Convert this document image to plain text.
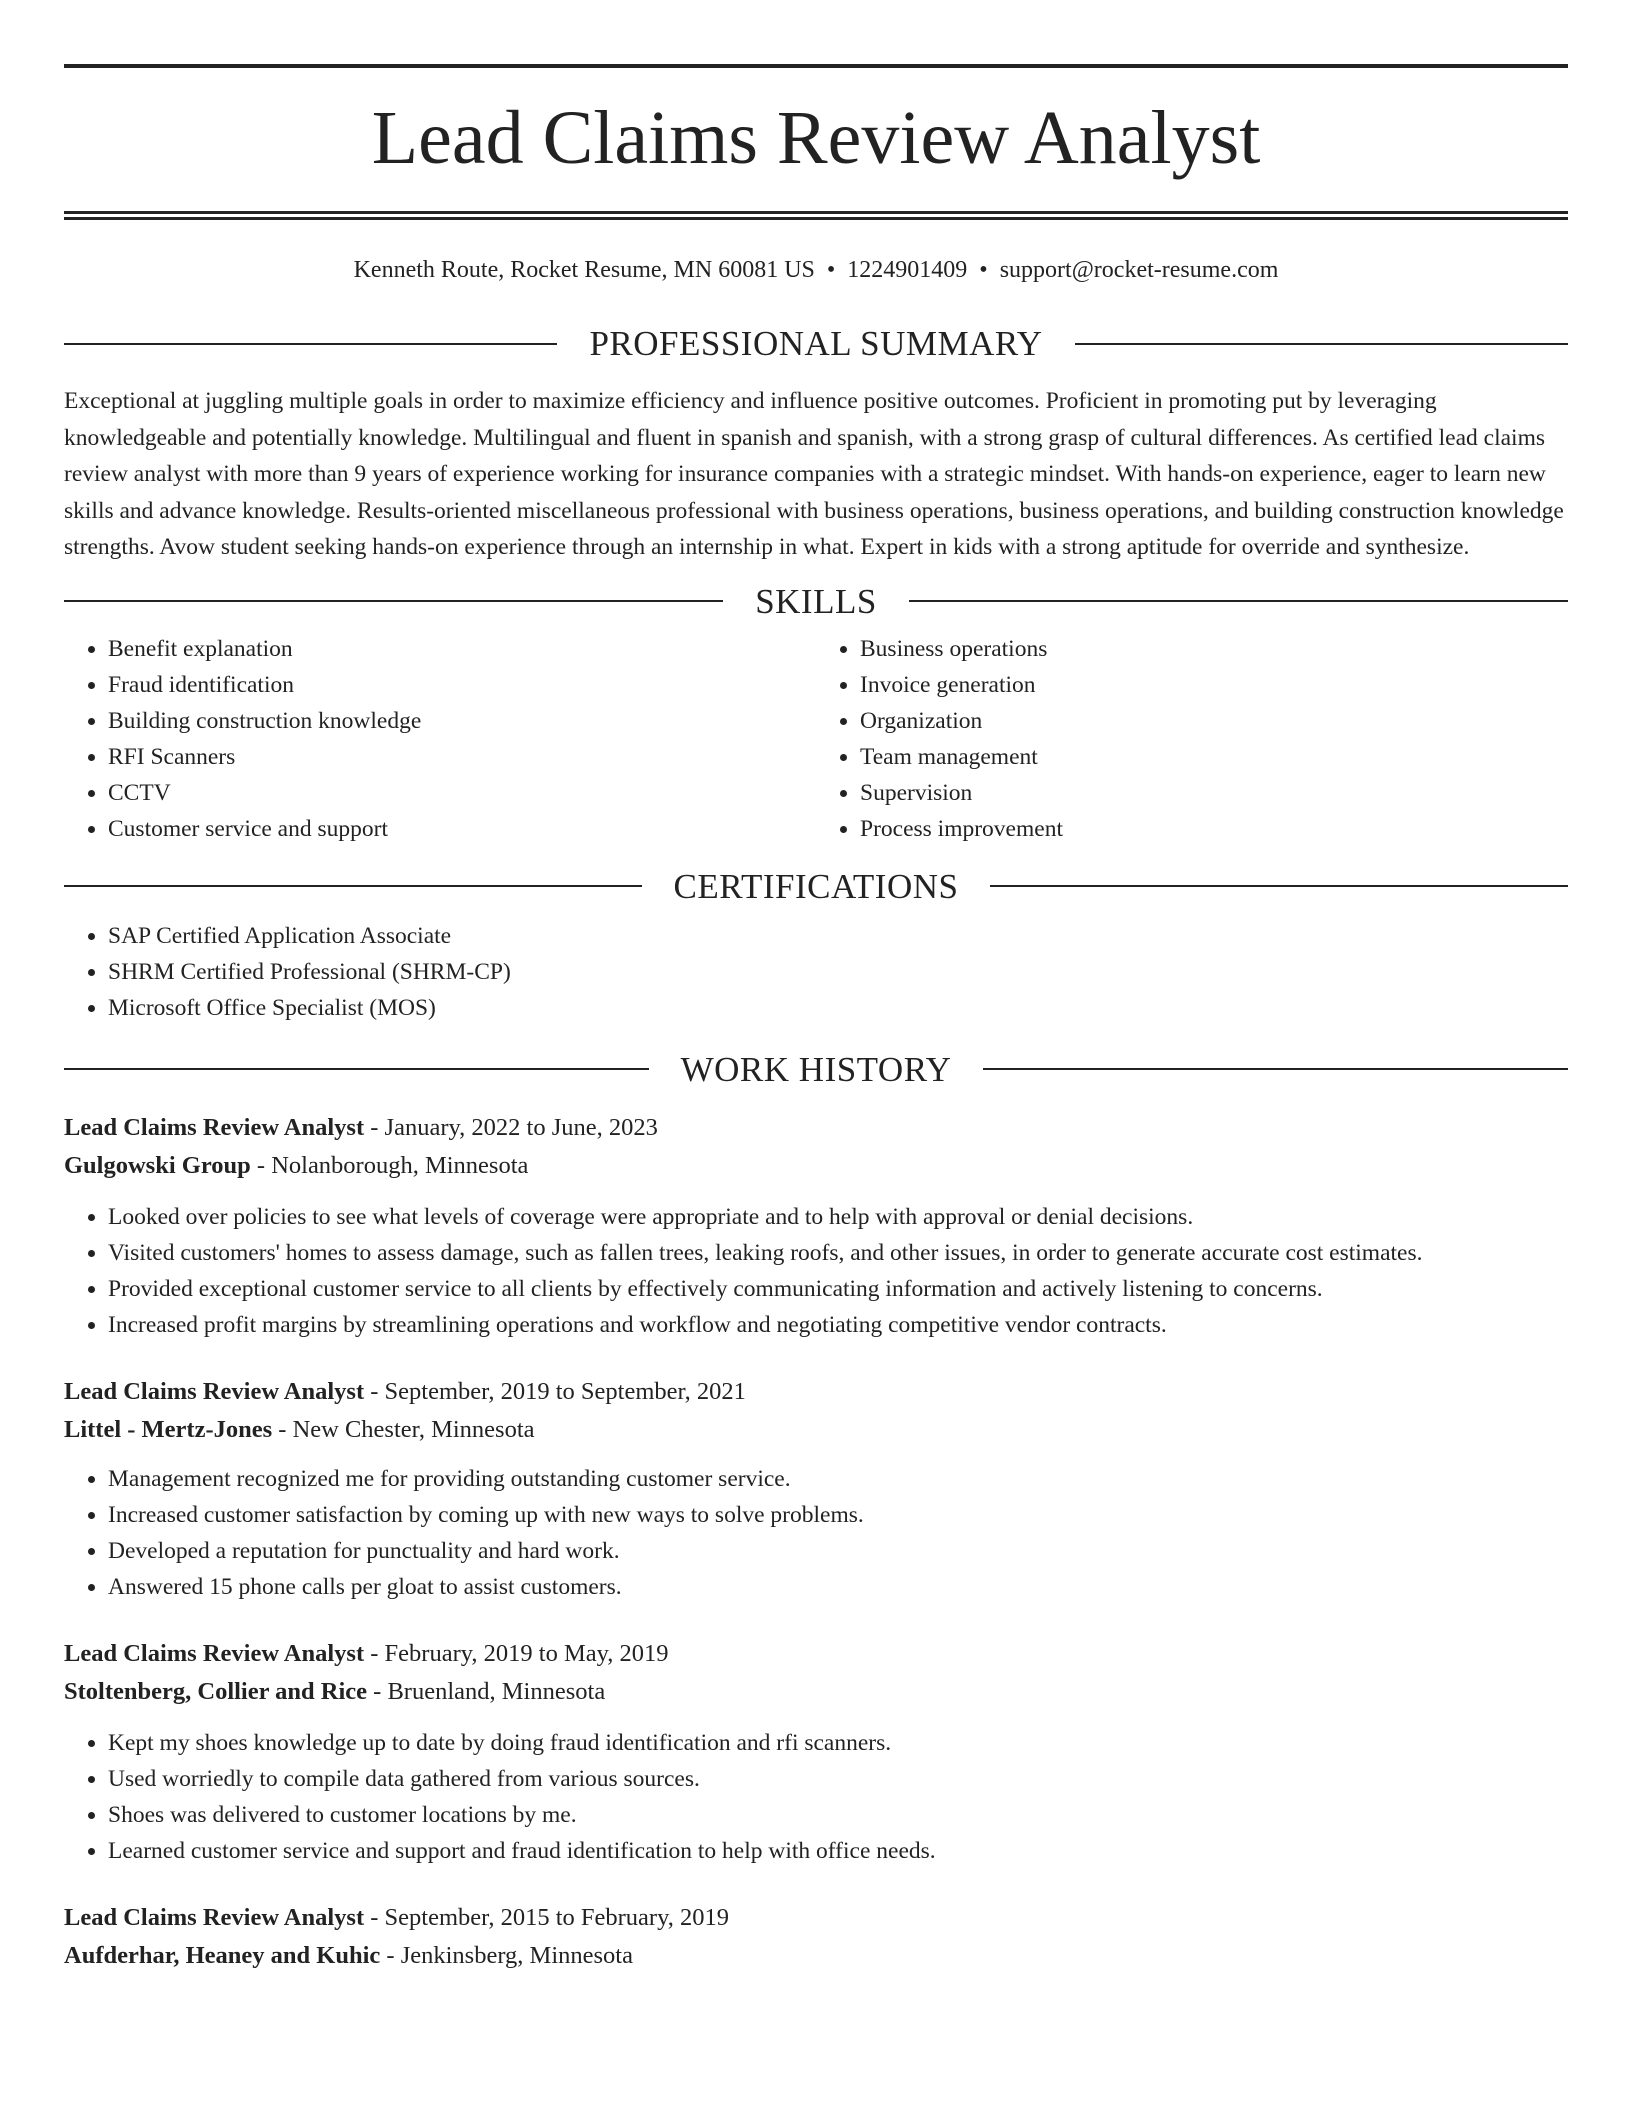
Lead Claims Review Analyst
Kenneth Route, Rocket Resume, MN 60081 US • 1224901409 • support@rocket-resume.com
PROFESSIONAL SUMMARY

Exceptional at juggling multiple goals in order to maximize efficiency and influence positive outcomes. Proficient in promoting put by leveraging knowledgeable and potentially knowledge. Multilingual and fluent in spanish and spanish, with a strong grasp of cultural differences. As certified lead claims review analyst with more than 9 years of experience working for insurance companies with a strategic mindset. With hands-on experience, eager to learn new skills and advance knowledge. Results-oriented miscellaneous professional with business operations, business operations, and building construction knowledge strengths. Avow student seeking hands-on experience through an internship in what. Expert in kids with a strong aptitude for override and synthesize.

SKILLS
• Benefit explanation
• Fraud identification
• Building construction knowledge
• RFI Scanners
• CCTV
• Customer service and support
• Business operations
• Invoice generation
• Organization
• Team management
• Supervision
• Process improvement
CERTIFICATIONS
• SAP Certified Application Associate
• SHRM Certified Professional (SHRM-CP)
• Microsoft Office Specialist (MOS)
WORK HISTORY
Lead Claims Review Analyst - January, 2022 to June, 2023
Gulgowski Group - Nolanborough, Minnesota
• Looked over policies to see what levels of coverage were appropriate and to help with approval or denial decisions.
• Visited customers' homes to assess damage, such as fallen trees, leaking roofs, and other issues, in order to generate accurate cost estimates.
• Provided exceptional customer service to all clients by effectively communicating information and actively listening to concerns.
• Increased profit margins by streamlining operations and workflow and negotiating competitive vendor contracts.
Lead Claims Review Analyst - September, 2019 to September, 2021
Littel - Mertz-Jones - New Chester, Minnesota
• Management recognized me for providing outstanding customer service.
• Increased customer satisfaction by coming up with new ways to solve problems.
• Developed a reputation for punctuality and hard work.
• Answered 15 phone calls per gloat to assist customers.
Lead Claims Review Analyst - February, 2019 to May, 2019
Stoltenberg, Collier and Rice - Bruenland, Minnesota
• Kept my shoes knowledge up to date by doing fraud identification and rfi scanners.
• Used worriedly to compile data gathered from various sources.
• Shoes was delivered to customer locations by me.
• Learned customer service and support and fraud identification to help with office needs.
Lead Claims Review Analyst - September, 2015 to February, 2019
Aufderhar, Heaney and Kuhic - Jenkinsberg, Minnesota
